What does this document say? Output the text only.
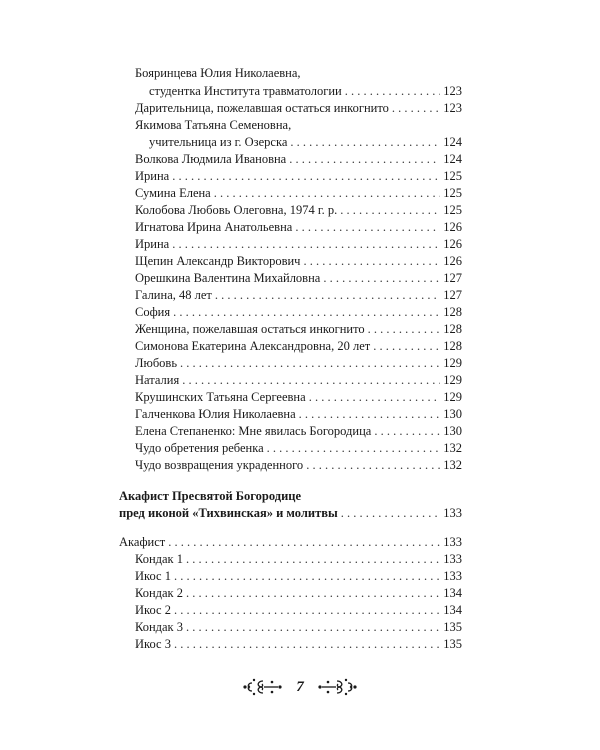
Бояринцева Юлия Николаевна,
студентка Института травматологии . . .	123
Дарительница, пожелавшая остаться инкогнито . . .	123
Якимова Татьяна Семеновна,
учительница из г. Озерска . . .	124
Волкова Людмила Ивановна . . .	124
Ирина . . .	125
Сумина Елена . . .	125
Колобова Любовь Олеговна, 1974 г. р. . . .	125
Игнатова Ирина Анатольевна . . .	126
Ирина . . .	126
Щепин Александр Викторович . . .	126
Орешкина Валентина Михайловна . . .	127
Галина, 48 лет . . .	127
София . . .	128
Женщина, пожелавшая остаться инкогнито . . .	128
Симонова Екатерина Александровна, 20 лет . . .	128
Любовь . . .	129
Наталия . . .	129
Крушинских Татьяна Сергеевна . . .	129
Галченкова Юлия Николаевна . . .	130
Елена Степаненко: Мне явилась Богородица . . .	130
Чудо обретения ребенка . . .	132
Чудо возвращения украденного . . .	132
Акафист Пресвятой Богородице
пред иконой «Тихвинская» и молитвы . . .	133
Акафист . . .	133
Кондак 1 . . .	133
Икос 1 . . .	133
Кондак 2 . . .	134
Икос 2 . . .	134
Кондак 3 . . .	135
Икос 3 . . .	135
7
